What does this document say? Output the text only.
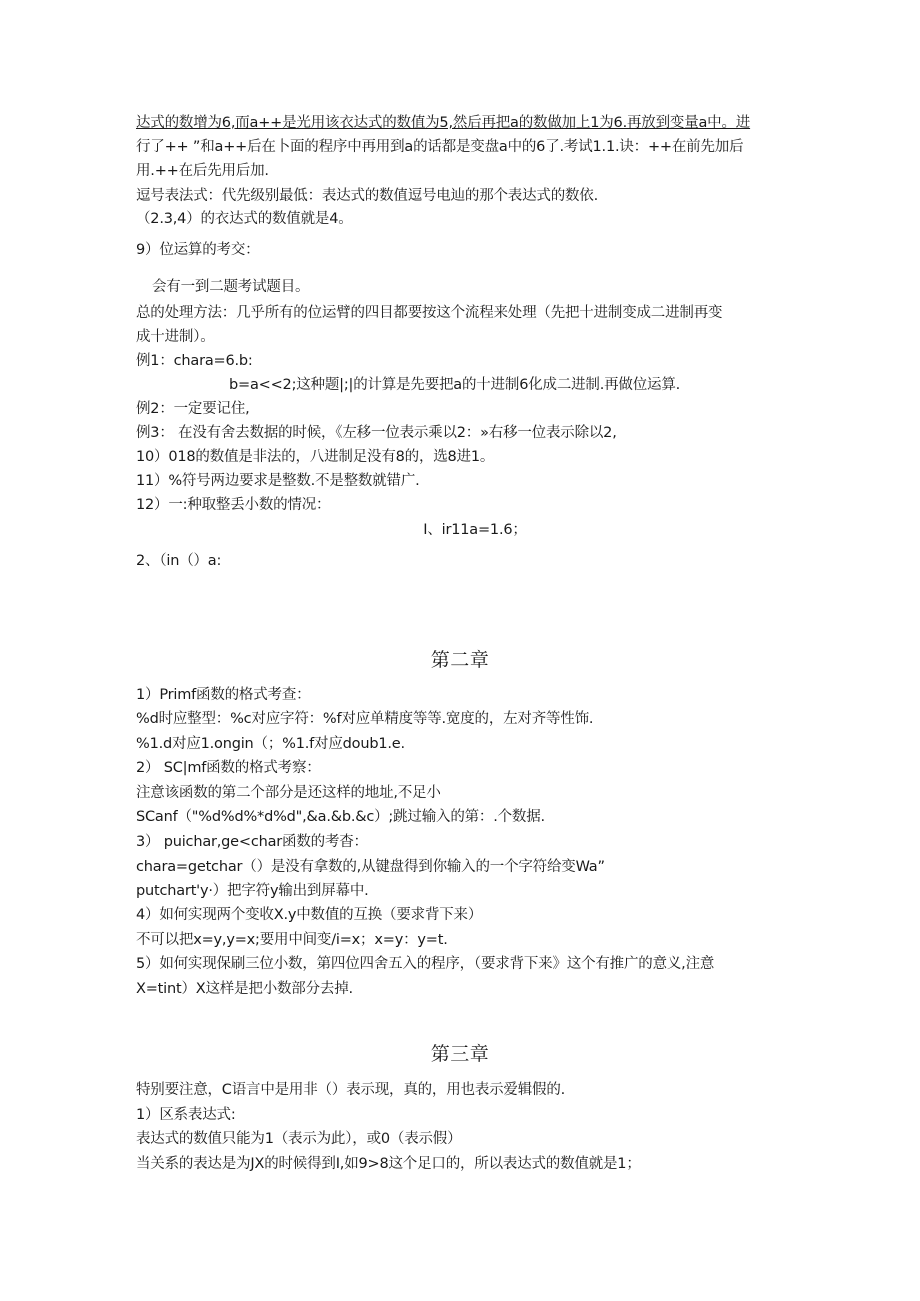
达式的数增为6,而a++是光用该衣达式的数值为5,然后再把a的数做加上1为6.再放到变量a中。进
行了++ ”和a++后在卜面的程序中再用到a的话都是变盘a中的6了.考试1.1.诀：++在前先加后
用.++在后先用后加.
逗号表法式：代先级别最低：表达式的数值逗号电辿的那个表达式的数依.
（2.3,4）的衣达式的数值就是4。
9）位运算的考交：
会有一到二题考试题目。
总的处理方法：几乎所有的位运臂的四目都要按这个流程来处理（先把十进制变成二进制再变
成十进制）。
例1：chara=6.b:
b=a<<2;这种题|;|的计算是先要把a的十进制6化成二进制.再做位运算.
例2：一定要记住,
例3： 在没有舍去数据的时候，《左移一位表示乘以2：»右移一位表示除以2,
10）018的数值是非法的，八进制足没有8的，选8进1。
11）%符号两边要求是整数.不是整数就错广.
12）一:种取整丢小数的情况：
I、ir11a=1.6；
2、（in（）a:
第二章
1）Primf函数的格式考查：
%d时应整型：%c对应字符：%f对应单精度等等.宽度的，左对齐等性饰.
%1.d对应1.ongin（；%1.f对应doub1.e.
2） SC|mf函数的格式考察：
注意该函数的第二个部分是还这样的地址,不足小
SCanf（"%d%d%*d%d",&a.&b.&c）;跳过输入的第：.个数据.
3） puichar,ge<char函数的考杳：
chara=getchar（）是没有拿数的,从键盘得到你输入的一个字符给变Wa”
putchart'y·）把字符y输出到屏幕中.
4）如何实现两个变收X.y中数值的互换（要求背下来）
不可以把x=y,y=x;要用中间变/i=x；x=y：y=t.
5）如何实现保刷三位小数，第四位四舍五入的程序，（要求背下来》这个有推广的意义,注意
X=tint）X这样是把小数部分去掉.
第三章
特别要注意，C语言中是用非（）表示现，真的，用也表示爱辑假的.
1）区系表达式:
表达式的数值只能为1（表示为此），或0（表示假）
当关系的表达是为JX的时候得到I,如9>8这个足口的，所以表达式的数值就是1；
